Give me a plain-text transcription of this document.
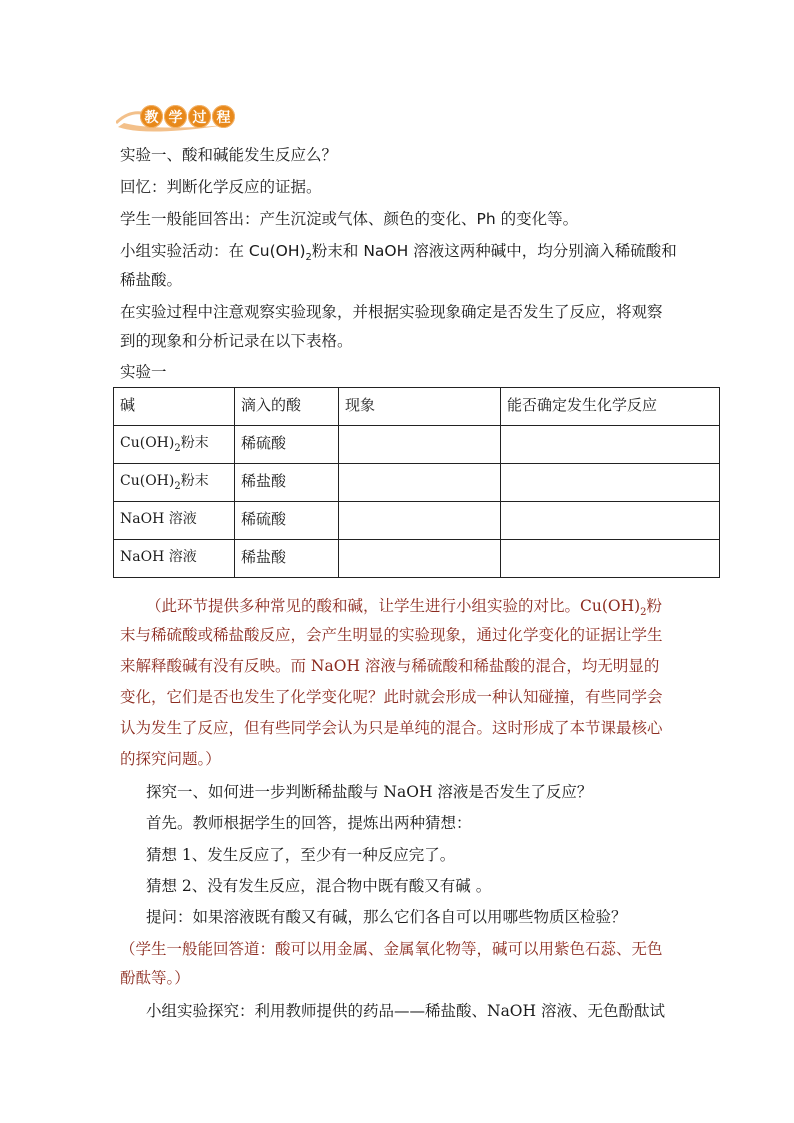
教 学 过 程
实验一、酸和碱能发生反应么？
回忆：判断化学反应的证据。
学生一般能回答出：产生沉淀或气体、颜色的变化、Ph 的变化等。
小组实验活动：在 $Cu(OH)_2$粉末和 NaOH 溶液这两种碱中，均分别滴入稀硫酸和
稀盐酸。
在实验过程中注意观察实验现象，并根据实验现象确定是否发生了反应，将观察
到的现象和分析记录在以下表格。
实验一
碱	滴入的酸	现象	能否确定发生化学反应
$Cu(OH)_2$粉末	稀硫酸		
$Cu(OH)_2$粉末	稀盐酸		
NaOH 溶液	稀硫酸		
NaOH 溶液	稀盐酸		
（此环节提供多种常见的酸和碱，让学生进行小组实验的对比。$Cu(OH)_2$粉
末与稀硫酸或稀盐酸反应，会产生明显的实验现象，通过化学变化的证据让学生
来解释酸碱有没有反映。而 NaOH 溶液与稀硫酸和稀盐酸的混合，均无明显的
变化，它们是否也发生了化学变化呢？此时就会形成一种认知碰撞，有些同学会
认为发生了反应，但有些同学会认为只是单纯的混合。这时形成了本节课最核心
的探究问题。）
探究一、如何进一步判断稀盐酸与 NaOH 溶液是否发生了反应？
首先。教师根据学生的回答，提炼出两种猜想：
猜想 1、发生反应了，至少有一种反应完了。
猜想 2、没有发生反应，混合物中既有酸又有碱 。
提问：如果溶液既有酸又有碱，那么它们各自可以用哪些物质区检验？
（学生一般能回答道：酸可以用金属、金属氧化物等，碱可以用紫色石蕊、无色
酚酞等。）
小组实验探究：利用教师提供的药品——稀盐酸、NaOH 溶液、无色酚酞试
